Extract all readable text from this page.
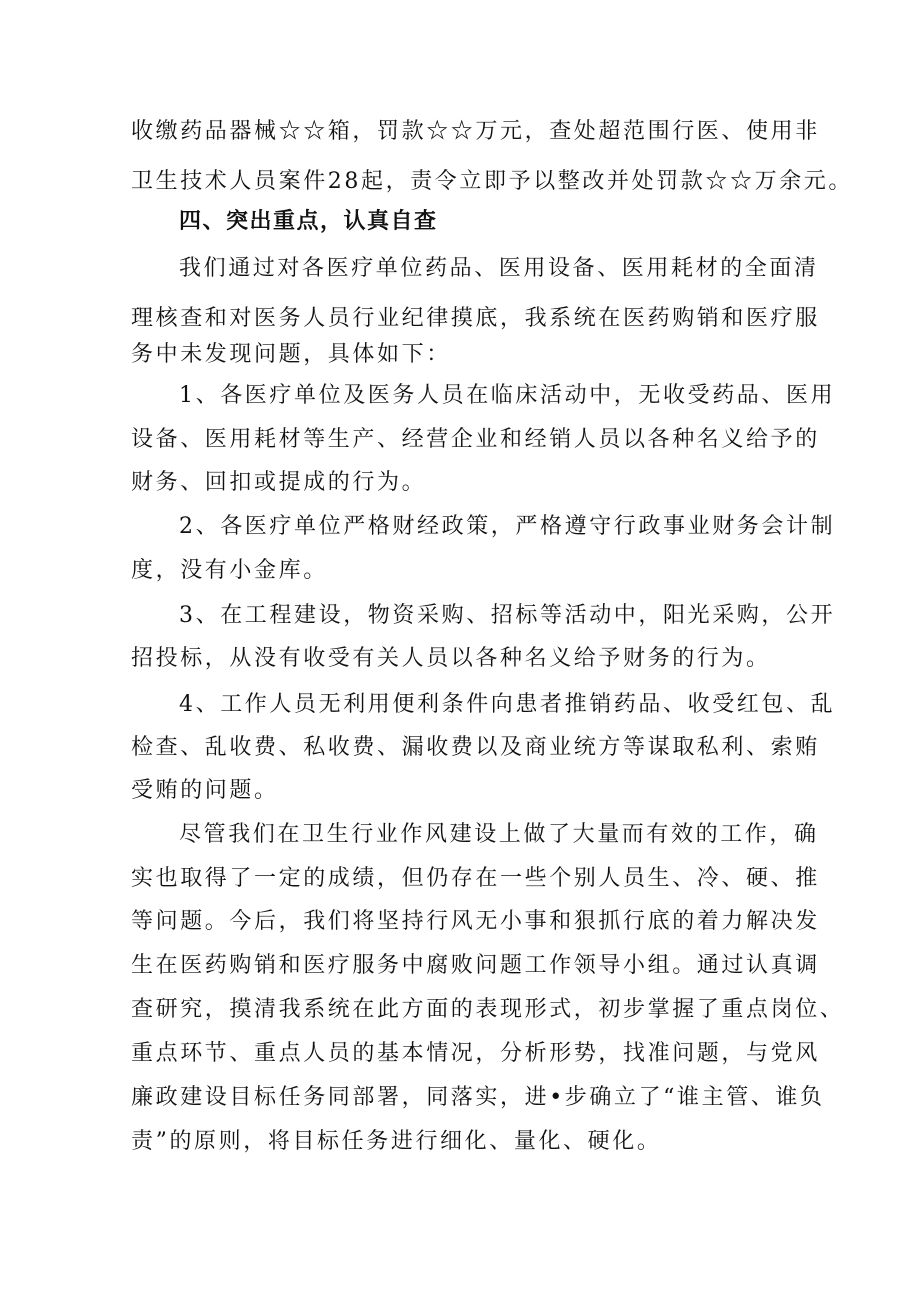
收缴药品器械☆☆箱，罚款☆☆万元，查处超范围行医、使用非
卫生技术人员案件28起，责令立即予以整改并处罚款☆☆万余元。
四、突出重点，认真自查
我们通过对各医疗单位药品、医用设备、医用耗材的全面清
理核查和对医务人员行业纪律摸底，我系统在医药购销和医疗服
务中未发现问题，具体如下：
1、各医疗单位及医务人员在临床活动中，无收受药品、医用
设备、医用耗材等生产、经营企业和经销人员以各种名义给予的
财务、回扣或提成的行为。
2、各医疗单位严格财经政策，严格遵守行政事业财务会计制
度，没有小金库。
3、在工程建设，物资采购、招标等活动中，阳光采购，公开
招投标，从没有收受有关人员以各种名义给予财务的行为。
4、工作人员无利用便利条件向患者推销药品、收受红包、乱
检查、乱收费、私收费、漏收费以及商业统方等谋取私利、索贿
受贿的问题。
尽管我们在卫生行业作风建设上做了大量而有效的工作，确
实也取得了一定的成绩，但仍存在一些个别人员生、冷、硬、推
等问题。今后，我们将坚持行风无小事和狠抓行底的着力解决发
生在医药购销和医疗服务中腐败问题工作领导小组。通过认真调
查研究，摸清我系统在此方面的表现形式，初步掌握了重点岗位、
重点环节、重点人员的基本情况，分析形势，找准问题，与党风
廉政建设目标任务同部署，同落实，进•步确立了“谁主管、谁负
责”的原则，将目标任务进行细化、量化、硬化。
